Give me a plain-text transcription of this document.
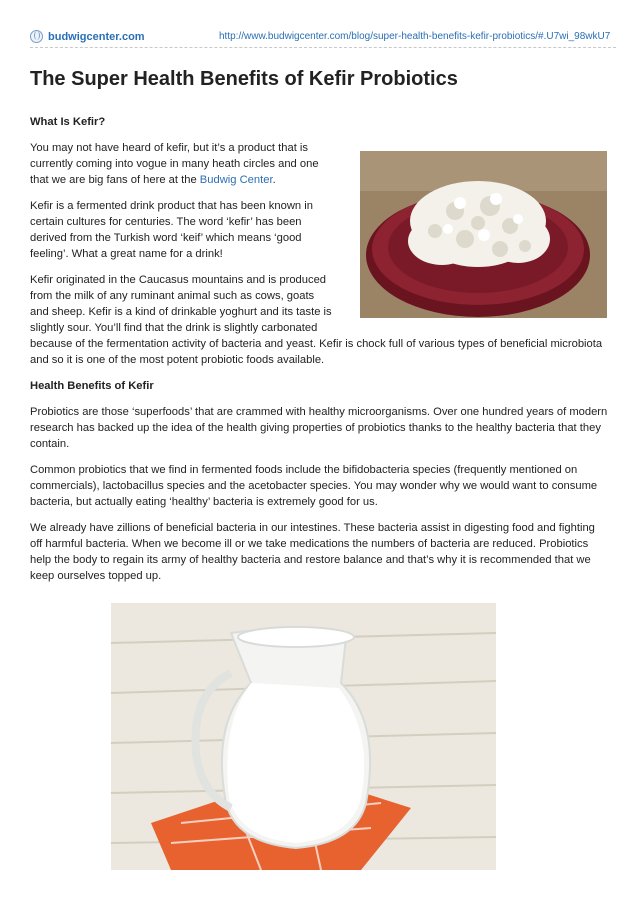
budwigcenter.com	http://www.budwigcenter.com/blog/super-health-benefits-kefir-probiotics/#.U7wi_98wkU7
The Super Health Benefits of Kefir Probiotics
What Is Kefir?

You may not have heard of kefir, but it’s a product that is currently coming into vogue in many heath circles and one that we are big fans of here at the Budwig Center.

Kefir is a fermented drink product that has been known in certain cultures for centuries. The word ‘kefir’ has been derived from the Turkish word ‘keif’ which means ‘good feeling’. What a great name for a drink!

Kefir originated in the Caucasus mountains and is produced from the milk of any ruminant animal such as cows, goats and sheep. Kefir is a kind of drinkable yoghurt and its taste is slightly sour. You’ll find that the drink is slightly carbonated
because of the fermentation activity of bacteria and yeast. Kefir is chock full of various types of beneficial microbiota and so it is one of the most potent probiotic foods available.

Health Benefits of Kefir

Probiotics are those ‘superfoods’ that are crammed with healthy microorganisms. Over one hundred years of modern research has backed up the idea of the health giving properties of probiotics thanks to the healthy bacteria that they contain.

Common probiotics that we find in fermented foods include the bifidobacteria species (frequently mentioned on commercials), lactobacillus species and the acetobacter species. You may wonder why we would want to consume bacteria, but actually eating ‘healthy’ bacteria is extremely good for us.

We already have zillions of beneficial bacteria in our intestines. These bacteria assist in digesting food and fighting off harmful bacteria. When we become ill or we take medications the numbers of bacteria are reduced. Probiotics help the body to regain its army of healthy bacteria and restore balance and that’s why it is recommended that we keep ourselves topped up.
